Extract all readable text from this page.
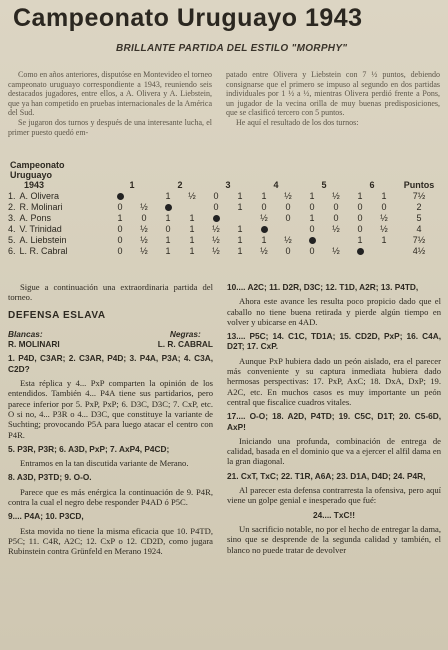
Campeonato Uruguayo 1943
BRILLANTE PARTIDA DEL ESTILO "MORPHY"

Como en años anteriores, disputóse en Montevideo el torneo campeonato uruguayo correspondiente a 1943, reuniendo seis destacados jugadores, entre ellos, a A. Olivera y A. Liebstein, que ya han competido en pruebas internacionales de la América del Sud.

Se jugaron dos turnos y después de una interesante lucha, el primer puesto quedó em-

patado entre Olivera y Liebstein con 7 ½ puntos, debiendo consignarse que el primero se impuso al segundo en dos partidas individuales por 1 ½ a ½, mientras Olivera perdió frente a Pons, un jugador de la vecina orilla de muy buenas predisposiciones, que se clasificó tercero con 5 puntos.

He aquí el resultado de los dos turnos:

Campeonato
Uruguayo
1943	1		2		3		4		5		6		Puntos
1. A. Olivera			1	½	0	1	1	½	1	½	1	1	7½
2. R. Molinari	0	½			0	1	0	0	0	0	0	0	2
3. A. Pons	1	0	1	1			½	0	1	0	0	½	5
4. V. Trinidad	0	½	0	1	½	1			0	½	0	½	4
5. A. Liebstein	0	½	1	1	½	1	1	½			1	1	7½
6. L. R. Cabral	0	½	1	1	½	1	½	0	0	½			4½

Sigue a continuación una extraordinaria partida del torneo.

DEFENSA ESLAVA

Blancas:
R. MOLINARI
Negras:
L. R. CABRAL

1. P4D, C3AR; 2. C3AR, P4D; 3. P4A, P3A; 4. C3A, C2D?

Esta réplica y 4... PxP comparten la opinión de los entendidos. También 4... P4A tiene sus partidarios, pero parece inferior por 5. PxP, PxP; 6. D3C, D3C; 7. CxP, etc. O si no, 4... P3R o 4... D3C, que constituye la variante de Suchting; provocando P5A para luego atacar el centro con P4R.

5. P3R, P3R; 6. A3D, PxP; 7. AxP4, P4CD;

Entramos en la tan discutida variante de Merano.

8. A3D, P3TD; 9. O-O.

Parece que es más enérgica la continuación de 9. P4R, contra la cual el negro debe responder P4AD ó P5C.

9.... P4A; 10. P3CD,

Esta movida no tiene la misma eficacia que 10. P4TD, P5C; 11. C4R, A2C; 12. CxP o 12. CD2D, como jugara Rubinstein contra Grünfeld en Merano 1924.

10.... A2C; 11. D2R, D3C; 12. T1D, A2R; 13. P4TD,

Ahora este avance les resulta poco propicio dado que el caballo no tiene buena retirada y pierde algún tiempo en volver y ubicarse en 4AD.

13.... P5C; 14. C1C, TD1A; 15. CD2D, PxP; 16. C4A, D2T; 17. CxP.

Aunque PxP hubiera dado un peón aislado, era el parecer más conveniente y su captura inmediata hubiera dado hermosas perspectivas: 17. PxP, AxC; 18. DxA, DxP; 19. A2C, etc. En muchos casos es muy importante un peón central que fiscalice cuadros vitales.

17.... O-O; 18. A2D, P4TD; 19. C5C, D1T; 20. C5-6D, AxP!

Iniciando una profunda, combinación de entrega de calidad, basada en el dominio que va a ejercer el alfil dama en la gran diagonal.

21. CxT, TxC; 22. T1R, A6A; 23. D1A, D4D; 24. P4R,

Al parecer esta defensa contrarresta la ofensiva, pero aquí viene un golpe genial e inesperado que fué:

24.... TxC!!

Un sacrificio notable, no por el hecho de entregar la dama, sino que se desprende de la segunda calidad y también, el blanco no puede tratar de devolver
